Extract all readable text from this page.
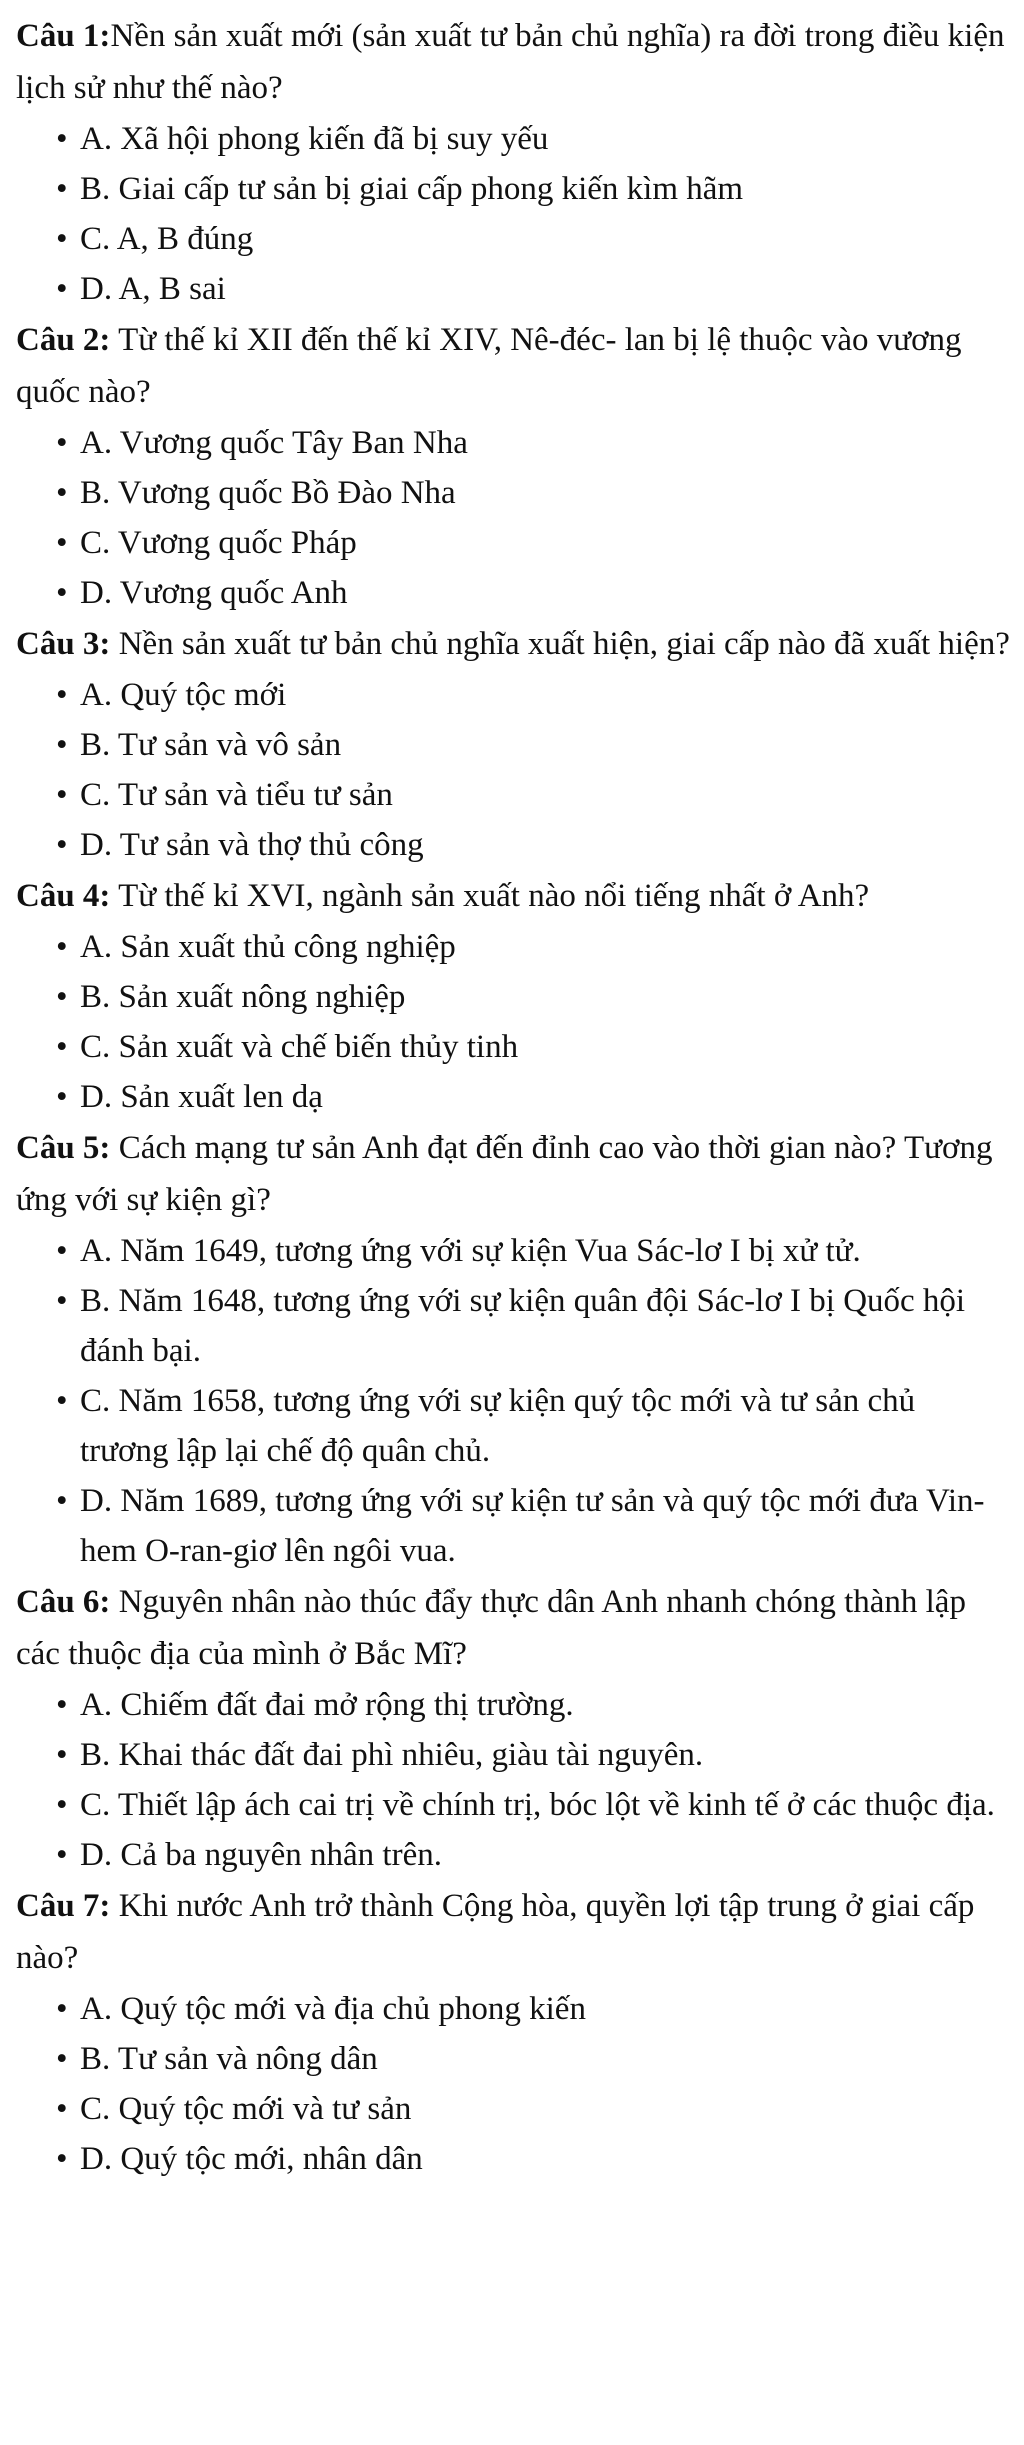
Câu 1:Nền sản xuất mới (sản xuất tư bản chủ nghĩa) ra đời trong điều kiện lịch sử như thế nào?

• A. Xã hội phong kiến đã bị suy yếu

• B. Giai cấp tư sản bị giai cấp phong kiến kìm hãm

• C. A, B đúng

• D. A, B sai

Câu 2: Từ thế kỉ XII đến thế kỉ XIV, Nê-đéc- lan bị lệ thuộc vào vương quốc nào?

• A. Vương quốc Tây Ban Nha

• B. Vương quốc Bồ Đào Nha

• C. Vương quốc Pháp

• D. Vương quốc Anh

Câu 3: Nền sản xuất tư bản chủ nghĩa xuất hiện, giai cấp nào đã xuất hiện?

• A. Quý tộc mới

• B. Tư sản và vô sản

• C. Tư sản và tiểu tư sản

• D. Tư sản và thợ thủ công

Câu 4: Từ thế kỉ XVI, ngành sản xuất nào nổi tiếng nhất ở Anh?

• A. Sản xuất thủ công nghiệp

• B. Sản xuất nông nghiệp

• C. Sản xuất và chế biến thủy tinh

• D. Sản xuất len dạ

Câu 5: Cách mạng tư sản Anh đạt đến đỉnh cao vào thời gian nào? Tương ứng với sự kiện gì?

• A. Năm 1649, tương ứng với sự kiện Vua Sác-lơ I bị xử tử.

• B. Năm 1648, tương ứng với sự kiện quân đội Sác-lơ I bị Quốc hội đánh bại.

• C. Năm 1658, tương ứng với sự kiện quý tộc mới và tư sản chủ trương lập lại chế độ quân chủ.

• D. Năm 1689, tương ứng với sự kiện tư sản và quý tộc mới đưa Vin- hem O-ran-giơ lên ngôi vua.

Câu 6: Nguyên nhân nào thúc đẩy thực dân Anh nhanh chóng thành lập các thuộc địa của mình ở Bắc Mĩ?

• A. Chiếm đất đai mở rộng thị trường.

• B. Khai thác đất đai phì nhiêu, giàu tài nguyên.

• C. Thiết lập ách cai trị về chính trị, bóc lột về kinh tế ở các thuộc địa.

• D. Cả ba nguyên nhân trên.

Câu 7: Khi nước Anh trở thành Cộng hòa, quyền lợi tập trung ở giai cấp nào?

• A. Quý tộc mới và địa chủ phong kiến

• B. Tư sản và nông dân

• C. Quý tộc mới và tư sản

• D. Quý tộc mới, nhân dân
